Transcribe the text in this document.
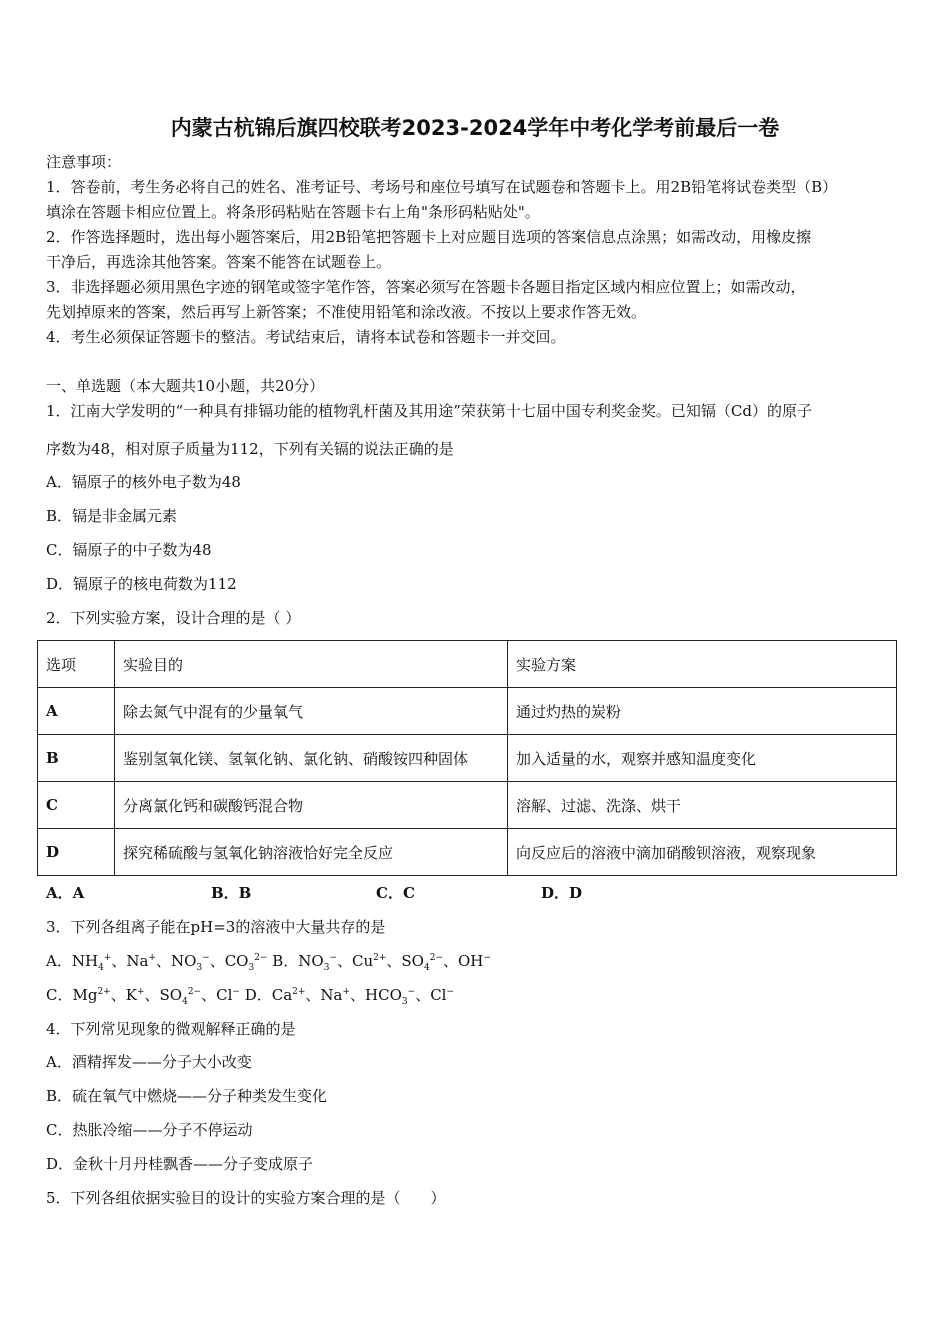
内蒙古杭锦后旗四校联考2023-2024学年中考化学考前最后一卷
注意事项：
1．答卷前，考生务必将自己的姓名、准考证号、考场号和座位号填写在试题卷和答题卡上。用2B铅笔将试卷类型（B）
填涂在答题卡相应位置上。将条形码粘贴在答题卡右上角"条形码粘贴处"。
2．作答选择题时，选出每小题答案后，用2B铅笔把答题卡上对应题目选项的答案信息点涂黑；如需改动，用橡皮擦
干净后，再选涂其他答案。答案不能答在试题卷上。
3．非选择题必须用黑色字迹的钢笔或签字笔作答，答案必须写在答题卡各题目指定区域内相应位置上；如需改动，
先划掉原来的答案，然后再写上新答案；不准使用铅笔和涂改液。不按以上要求作答无效。
4．考生必须保证答题卡的整洁。考试结束后，请将本试卷和答题卡一并交回。
一、单选题（本大题共10小题，共20分）
1．江南大学发明的“一种具有排镉功能的植物乳杆菌及其用途”荣获第十七届中国专利奖金奖。已知镉（Cd）的原子
序数为48，相对原子质量为112，下列有关镉的说法正确的是
A．镉原子的核外电子数为48
B．镉是非金属元素
C．镉原子的中子数为48
D．镉原子的核电荷数为112
2．下列实验方案，设计合理的是（ ）
选项	实验目的	实验方案
A	除去氮气中混有的少量氧气	通过灼热的炭粉
B	鉴别氢氧化镁、氢氧化钠、氯化钠、硝酸铵四种固体	加入适量的水，观察并感知温度变化
C	分离氯化钙和碳酸钙混合物	溶解、过滤、洗涤、烘干
D	探究稀硫酸与氢氧化钠溶液恰好完全反应	向反应后的溶液中滴加硝酸钡溶液，观察现象
A．A	B．B	C．C	D．D
3．下列各组离子能在pH=3的溶液中大量共存的是
A．$NH_4^+$、Na+、$NO_3^-$、$CO_3^{2-}$ B．$NO_3^-$、$Cu^{2+}$、$SO_4^{2-}$、OH−
C．$Mg^{2+}$、K+、$SO_4^{2-}$、Cl− D．$Ca^{2+}$、Na+、$HCO_3^-$、Cl−
4．下列常见现象的微观解释正确的是
A．酒精挥发——分子大小改变
B．硫在氧气中燃烧——分子种类发生变化
C．热胀冷缩——分子不停运动
D．金秋十月丹桂飘香——分子变成原子
5．下列各组依据实验目的设计的实验方案合理的是（　　）
